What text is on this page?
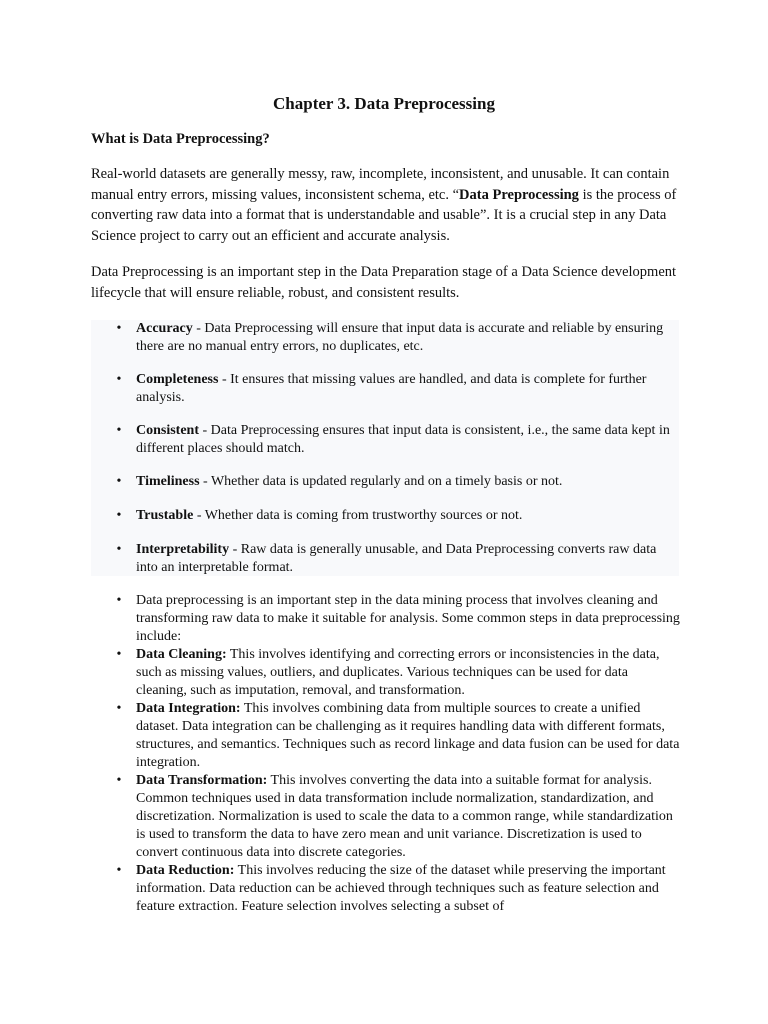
Chapter 3. Data Preprocessing
What is Data Preprocessing?

Real-world datasets are generally messy, raw, incomplete, inconsistent, and unusable. It can contain manual entry errors, missing values, inconsistent schema, etc. “Data Preprocessing is the process of converting raw data into a format that is understandable and usable”. It is a crucial step in any Data Science project to carry out an efficient and accurate analysis.

Data Preprocessing is an important step in the Data Preparation stage of a Data Science development lifecycle that will ensure reliable, robust, and consistent results.

• Accuracy - Data Preprocessing will ensure that input data is accurate and reliable by ensuring there are no manual entry errors, no duplicates, etc.
• Completeness - It ensures that missing values are handled, and data is complete for further analysis.
• Consistent - Data Preprocessing ensures that input data is consistent, i.e., the same data kept in different places should match.
• Timeliness - Whether data is updated regularly and on a timely basis or not.
• Trustable - Whether data is coming from trustworthy sources or not.
• Interpretability - Raw data is generally unusable, and Data Preprocessing converts raw data into an interpretable format.
• Data preprocessing is an important step in the data mining process that involves cleaning and transforming raw data to make it suitable for analysis. Some common steps in data preprocessing include:
• Data Cleaning: This involves identifying and correcting errors or inconsistencies in the data, such as missing values, outliers, and duplicates. Various techniques can be used for data cleaning, such as imputation, removal, and transformation.
• Data Integration: This involves combining data from multiple sources to create a unified dataset. Data integration can be challenging as it requires handling data with different formats, structures, and semantics. Techniques such as record linkage and data fusion can be used for data integration.
• Data Transformation: This involves converting the data into a suitable format for analysis. Common techniques used in data transformation include normalization, standardization, and discretization. Normalization is used to scale the data to a common range, while standardization is used to transform the data to have zero mean and unit variance. Discretization is used to convert continuous data into discrete categories.
• Data Reduction: This involves reducing the size of the dataset while preserving the important information. Data reduction can be achieved through techniques such as feature selection and feature extraction. Feature selection involves selecting a subset of
